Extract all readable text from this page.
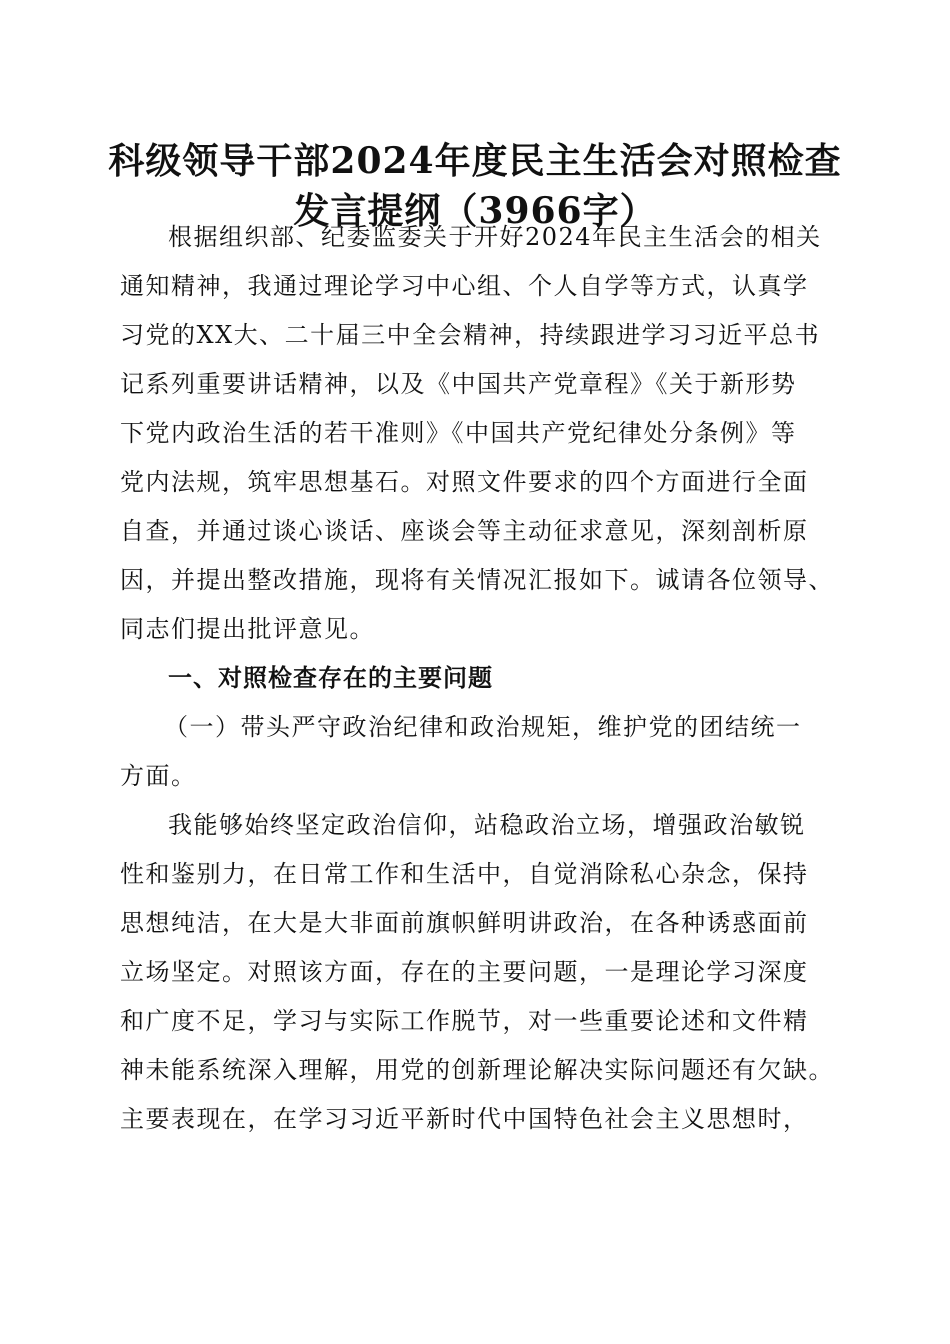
科级领导干部2024年度民主生活会对照检查
发言提纲（3966字）
根据组织部、纪委监委关于开好2024年民主生活会的相关
通知精神，我通过理论学习中心组、个人自学等方式，认真学
习党的XX大、二十届三中全会精神，持续跟进学习习近平总书
记系列重要讲话精神，以及《中国共产党章程》《关于新形势
下党内政治生活的若干准则》《中国共产党纪律处分条例》等
党内法规，筑牢思想基石。对照文件要求的四个方面进行全面
自查，并通过谈心谈话、座谈会等主动征求意见，深刻剖析原
因，并提出整改措施，现将有关情况汇报如下。诚请各位领导、
同志们提出批评意见。
一、对照检查存在的主要问题
（一）带头严守政治纪律和政治规矩，维护党的团结统一
方面。
我能够始终坚定政治信仰，站稳政治立场，增强政治敏锐
性和鉴别力，在日常工作和生活中，自觉消除私心杂念，保持
思想纯洁，在大是大非面前旗帜鲜明讲政治，在各种诱惑面前
立场坚定。对照该方面，存在的主要问题，一是理论学习深度
和广度不足，学习与实际工作脱节，对一些重要论述和文件精
神未能系统深入理解，用党的创新理论解决实际问题还有欠缺。
主要表现在，在学习习近平新时代中国特色社会主义思想时，
